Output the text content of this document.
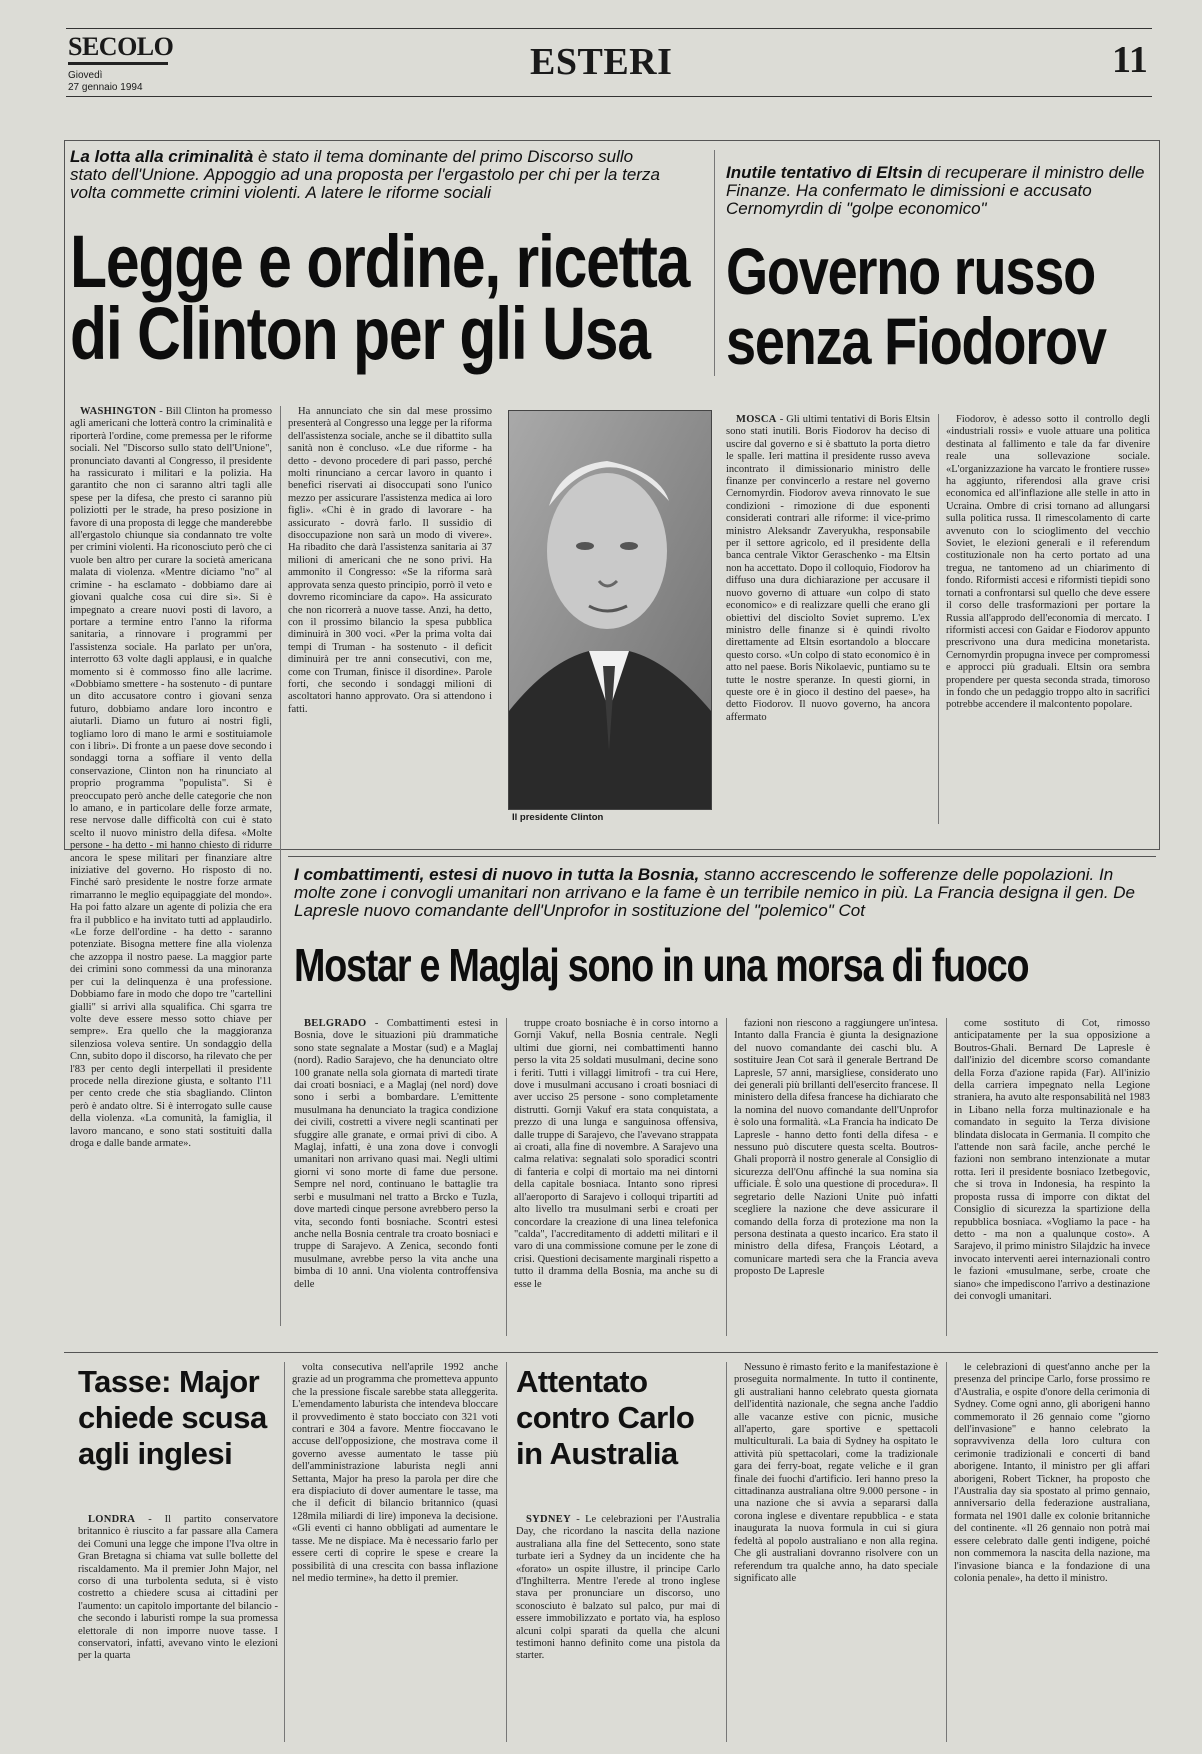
SECOLO
Giovedì
27 gennaio 1994
ESTERI	11
La lotta alla criminalità è stato il tema dominante del primo Discorso sullo stato dell'Unione. Appoggio ad una proposta per l'ergastolo per chi per la terza volta commette crimini violenti. A latere le riforme sociali
Legge e ordine, ricetta
di Clinton per gli Usa

WASHINGTON - Bill Clinton ha promesso agli americani che lotterà contro la criminalità e riporterà l'ordine, come premessa per le riforme sociali. Nel "Discorso sullo stato dell'Unione", pronunciato davanti al Congresso, il presidente ha rassicurato i militari e la polizia. Ha garantito che non ci saranno altri tagli alle spese per la difesa, che presto ci saranno più poliziotti per le strade, ha preso posizione in favore di una proposta di legge che manderebbe all'ergastolo chiunque sia condannato tre volte per crimini violenti. Ha riconosciuto però che ci vuole ben altro per curare la società americana malata di violenza. «Mentre diciamo "no" al crimine - ha esclamato - dobbiamo dare ai giovani qualche cosa cui dire sì». Si è impegnato a creare nuovi posti di lavoro, a portare a termine entro l'anno la riforma sanitaria, a rinnovare i programmi per l'assistenza sociale. Ha parlato per un'ora, interrotto 63 volte dagli applausi, e in qualche momento si è commosso fino alle lacrime. «Dobbiamo smettere - ha sostenuto - di puntare un dito accusatore contro i giovani senza futuro, dobbiamo andare loro incontro e aiutarli. Diamo un futuro ai nostri figli, togliamo loro di mano le armi e sostituiamole con i libri». Di fronte a un paese dove secondo i sondaggi torna a soffiare il vento della conservazione, Clinton non ha rinunciato al proprio programma "populista". Si è preoccupato però anche delle categorie che non lo amano, e in particolare delle forze armate, rese nervose dalle difficoltà con cui è stato scelto il nuovo ministro della difesa. «Molte persone - ha detto - mi hanno chiesto di ridurre ancora le spese militari per finanziare altre iniziative del governo. Ho risposto di no. Finché sarò presidente le nostre forze armate rimarranno le meglio equipaggiate del mondo». Ha poi fatto alzare un agente di polizia che era fra il pubblico e ha invitato tutti ad applaudirlo. «Le forze dell'ordine - ha detto - saranno potenziate. Bisogna mettere fine alla violenza che azzoppa il nostro paese. La maggior parte dei crimini sono commessi da una minoranza per cui la delinquenza è una professione. Dobbiamo fare in modo che dopo tre "cartellini gialli" si arrivi alla squalifica. Chi sgarra tre volte deve essere messo sotto chiave per sempre». Era quello che la maggioranza silenziosa voleva sentire. Un sondaggio della Cnn, subito dopo il discorso, ha rilevato che per l'83 per cento degli interpellati il presidente procede nella direzione giusta, e soltanto l'11 per cento crede che stia sbagliando. Clinton però è andato oltre. Si è interrogato sulle cause della violenza. «La comunità, la famiglia, il lavoro mancano, e sono stati sostituiti dalla droga e dalle bande armate».

Ha annunciato che sin dal mese prossimo presenterà al Congresso una legge per la riforma dell'assistenza sociale, anche se il dibattito sulla sanità non è concluso. «Le due riforme - ha detto - devono procedere di pari passo, perché molti rinunciano a cercar lavoro in quanto i benefici riservati ai disoccupati sono l'unico mezzo per assicurare l'assistenza medica ai loro figli». «Chi è in grado di lavorare - ha assicurato - dovrà farlo. Il sussidio di disoccupazione non sarà un modo di vivere». Ha ribadito che darà l'assistenza sanitaria ai 37 milioni di americani che ne sono privi. Ha ammonito il Congresso: «Se la riforma sarà approvata senza questo principio, porrò il veto e dovremo ricominciare da capo». Ha assicurato che non ricorrerà a nuove tasse. Anzi, ha detto, con il prossimo bilancio la spesa pubblica diminuirà in 300 voci. «Per la prima volta dai tempi di Truman - ha sostenuto - il deficit diminuirà per tre anni consecutivi, con me, come con Truman, finisce il disordine». Parole forti, che secondo i sondaggi milioni di ascoltatori hanno approvato. Ora si attendono i fatti.

Il presidente Clinton
Inutile tentativo di Eltsin di recuperare il ministro delle Finanze. Ha confermato le dimissioni e accusato Cernomyrdin di "golpe economico"
Governo russo
senza Fiodorov

MOSCA - Gli ultimi tentativi di Boris Eltsin sono stati inutili. Boris Fiodorov ha deciso di uscire dal governo e si è sbattuto la porta dietro le spalle. Ieri mattina il presidente russo aveva incontrato il dimissionario ministro delle finanze per convincerlo a restare nel governo Cernomyrdin. Fiodorov aveva rinnovato le sue condizioni - rimozione di due esponenti considerati contrari alle riforme: il vice-primo ministro Aleksandr Zaveryukha, responsabile per il settore agricolo, ed il presidente della banca centrale Viktor Geraschenko - ma Eltsin non ha accettato. Dopo il colloquio, Fiodorov ha diffuso una dura dichiarazione per accusare il nuovo governo di attuare «un colpo di stato economico» e di realizzare quelli che erano gli obiettivi del disciolto Soviet supremo. L'ex ministro delle finanze si è quindi rivolto direttamente ad Eltsin esortandolo a bloccare questo corso. «Un colpo di stato economico è in atto nel paese. Boris Nikolaevic, puntiamo su te tutte le nostre speranze. In questi giorni, in queste ore è in gioco il destino del paese», ha detto Fiodorov. Il nuovo governo, ha ancora affermato

Fiodorov, è adesso sotto il controllo degli «industriali rossi» e vuole attuare una politica destinata al fallimento e tale da far divenire reale una sollevazione sociale. «L'organizzazione ha varcato le frontiere russe» ha aggiunto, riferendosi alla grave crisi economica ed all'inflazione alle stelle in atto in Ucraina. Ombre di crisi tornano ad allungarsi sulla politica russa. Il rimescolamento di carte avvenuto con lo scioglimento del vecchio Soviet, le elezioni generali e il referendum costituzionale non ha certo portato ad una tregua, ne tantomeno ad un chiarimento di fondo. Riformisti accesi e riformisti tiepidi sono tornati a confrontarsi sul quello che deve essere il corso delle trasformazioni per portare la Russia all'approdo dell'economia di mercato. I riformisti accesi con Gaidar e Fiodorov appunto prescrivono una dura medicina monetarista. Cernomyrdin propugna invece per compromessi e approcci più graduali. Eltsin ora sembra propendere per questa seconda strada, timoroso in fondo che un pedaggio troppo alto in sacrifici potrebbe accendere il malcontento popolare.

I combattimenti, estesi di nuovo in tutta la Bosnia, stanno accrescendo le sofferenze delle popolazioni. In molte zone i convogli umanitari non arrivano e la fame è un terribile nemico in più. La Francia designa il gen. De Lapresle nuovo comandante dell'Unprofor in sostituzione del "polemico" Cot
Mostar e Maglaj sono in una morsa di fuoco

BELGRADO - Combattimenti estesi in Bosnia, dove le situazioni più drammatiche sono state segnalate a Mostar (sud) e a Maglaj (nord). Radio Sarajevo, che ha denunciato oltre 100 granate nella sola giornata di martedì tirate dai croati bosniaci, e a Maglaj (nel nord) dove sono i serbi a bombardare. L'emittente musulmana ha denunciato la tragica condizione dei civili, costretti a vivere negli scantinati per sfuggire alle granate, e ormai privi di cibo. A Maglaj, infatti, è una zona dove i convogli umanitari non arrivano quasi mai. Negli ultimi giorni vi sono morte di fame due persone. Sempre nel nord, continuano le battaglie tra serbi e musulmani nel tratto a Brcko e Tuzla, dove martedì cinque persone avrebbero perso la vita, secondo fonti bosniache. Scontri estesi anche nella Bosnia centrale tra croato bosniaci e truppe di Sarajevo. A Zenica, secondo fonti musulmane, avrebbe perso la vita anche una bimba di 10 anni. Una violenta controffensiva delle

truppe croato bosniache è in corso intorno a Gornji Vakuf, nella Bosnia centrale. Negli ultimi due giorni, nei combattimenti hanno perso la vita 25 soldati musulmani, decine sono i feriti. Tutti i villaggi limitrofi - tra cui Here, dove i musulmani accusano i croati bosniaci di aver ucciso 25 persone - sono completamente distrutti. Gornji Vakuf era stata conquistata, a prezzo di una lunga e sanguinosa offensiva, dalle truppe di Sarajevo, che l'avevano strappata ai croati, alla fine di novembre. A Sarajevo una calma relativa: segnalati solo sporadici scontri di fanteria e colpi di mortaio ma nei dintorni della capitale bosniaca. Intanto sono ripresi all'aeroporto di Sarajevo i colloqui tripartiti ad alto livello tra musulmani serbi e croati per concordare la creazione di una linea telefonica "calda", l'accreditamento di addetti militari e il varo di una commissione comune per le zone di crisi. Questioni decisamente marginali rispetto a tutto il dramma della Bosnia, ma anche su di esse le

fazioni non riescono a raggiungere un'intesa. Intanto dalla Francia è giunta la designazione del nuovo comandante dei caschi blu. A sostituire Jean Cot sarà il generale Bertrand De Lapresle, 57 anni, marsigliese, considerato uno dei generali più brillanti dell'esercito francese. Il ministero della difesa francese ha dichiarato che la nomina del nuovo comandante dell'Unprofor è solo una formalità. «La Francia ha indicato De Lapresle - hanno detto fonti della difesa - e nessuno può discutere questa scelta. Boutros-Ghali proporrà il nostro generale al Consiglio di sicurezza dell'Onu affinché la sua nomina sia ufficiale. È solo una questione di procedura». Il segretario delle Nazioni Unite può infatti scegliere la nazione che deve assicurare il comando della forza di protezione ma non la persona destinata a questo incarico. Era stato il ministro della difesa, François Léotard, a comunicare martedì sera che la Francia aveva proposto De Lapresle

come sostituto di Cot, rimosso anticipatamente per la sua opposizione a Boutros-Ghali. Bernard De Lapresle è dall'inizio del dicembre scorso comandante della Forza d'azione rapida (Far). All'inizio della carriera impegnato nella Legione straniera, ha avuto alte responsabilità nel 1983 in Libano nella forza multinazionale e ha comandato in seguito la Terza divisione blindata dislocata in Germania. Il compito che l'attende non sarà facile, anche perché le fazioni non sembrano intenzionate a mutar rotta. Ieri il presidente bosniaco Izetbegovic, che si trova in Indonesia, ha respinto la proposta russa di imporre con diktat del Consiglio di sicurezza la spartizione della repubblica bosniaca. «Vogliamo la pace - ha detto - ma non a qualunque costo». A Sarajevo, il primo ministro Silajdzic ha invece invocato interventi aerei internazionali contro le fazioni «musulmane, serbe, croate che siano» che impediscono l'arrivo a destinazione dei convogli umanitari.

Tasse: Major
chiede scusa
agli inglesi

LONDRA - Il partito conservatore britannico è riuscito a far passare alla Camera dei Comuni una legge che impone l'Iva oltre in Gran Bretagna si chiama vat sulle bollette del riscaldamento. Ma il premier John Major, nel corso di una turbolenta seduta, si è visto costretto a chiedere scusa ai cittadini per l'aumento: un capitolo importante del bilancio - che secondo i laburisti rompe la sua promessa elettorale di non imporre nuove tasse. I conservatori, infatti, avevano vinto le elezioni per la quarta

volta consecutiva nell'aprile 1992 anche grazie ad un programma che prometteva appunto che la pressione fiscale sarebbe stata alleggerita. L'emendamento laburista che intendeva bloccare il provvedimento è stato bocciato con 321 voti contrari e 304 a favore. Mentre fioccavano le accuse dell'opposizione, che mostrava come il governo avesse aumentato le tasse più dell'amministrazione laburista negli anni Settanta, Major ha preso la parola per dire che era dispiaciuto di dover aumentare le tasse, ma che il deficit di bilancio britannico (quasi 128mila miliardi di lire) imponeva la decisione. «Gli eventi ci hanno obbligati ad aumentare le tasse. Me ne dispiace. Ma è necessario farlo per essere certi di coprire le spese e creare la possibilità di una crescita con bassa inflazione nel medio termine», ha detto il premier.

Attentato
contro Carlo
in Australia

SYDNEY - Le celebrazioni per l'Australia Day, che ricordano la nascita della nazione australiana alla fine del Settecento, sono state turbate ieri a Sydney da un incidente che ha «forato» un ospite illustre, il principe Carlo d'Inghilterra. Mentre l'erede al trono inglese stava per pronunciare un discorso, uno sconosciuto è balzato sul palco, pur mai di essere immobilizzato e portato via, ha esploso alcuni colpi sparati da quella che alcuni testimoni hanno definito come una pistola da starter.

Nessuno è rimasto ferito e la manifestazione è proseguita normalmente. In tutto il continente, gli australiani hanno celebrato questa giornata dell'identità nazionale, che segna anche l'addio alle vacanze estive con picnic, musiche all'aperto, gare sportive e spettacoli multiculturali. La baia di Sydney ha ospitato le attività più spettacolari, come la tradizionale gara dei ferry-boat, regate veliche e il gran finale dei fuochi d'artificio. Ieri hanno preso la cittadinanza australiana oltre 9.000 persone - in una nazione che si avvia a separarsi dalla corona inglese e diventare repubblica - e stata inaugurata la nuova formula in cui si giura fedeltà al popolo australiano e non alla regina. Che gli australiani dovranno risolvere con un referendum tra qualche anno, ha dato speciale significato alle

le celebrazioni di quest'anno anche per la presenza del principe Carlo, forse prossimo re d'Australia, e ospite d'onore della cerimonia di Sydney. Come ogni anno, gli aborigeni hanno commemorato il 26 gennaio come "giorno dell'invasione" e hanno celebrato la sopravvivenza della loro cultura con cerimonie tradizionali e concerti di band aborigene. Intanto, il ministro per gli affari aborigeni, Robert Tickner, ha proposto che l'Australia day sia spostato al primo gennaio, anniversario della federazione australiana, formata nel 1901 dalle ex colonie britanniche del continente. «Il 26 gennaio non potrà mai essere celebrato dalle genti indigene, poiché non commemora la nascita della nazione, ma l'invasione bianca e la fondazione di una colonia penale», ha detto il ministro.
